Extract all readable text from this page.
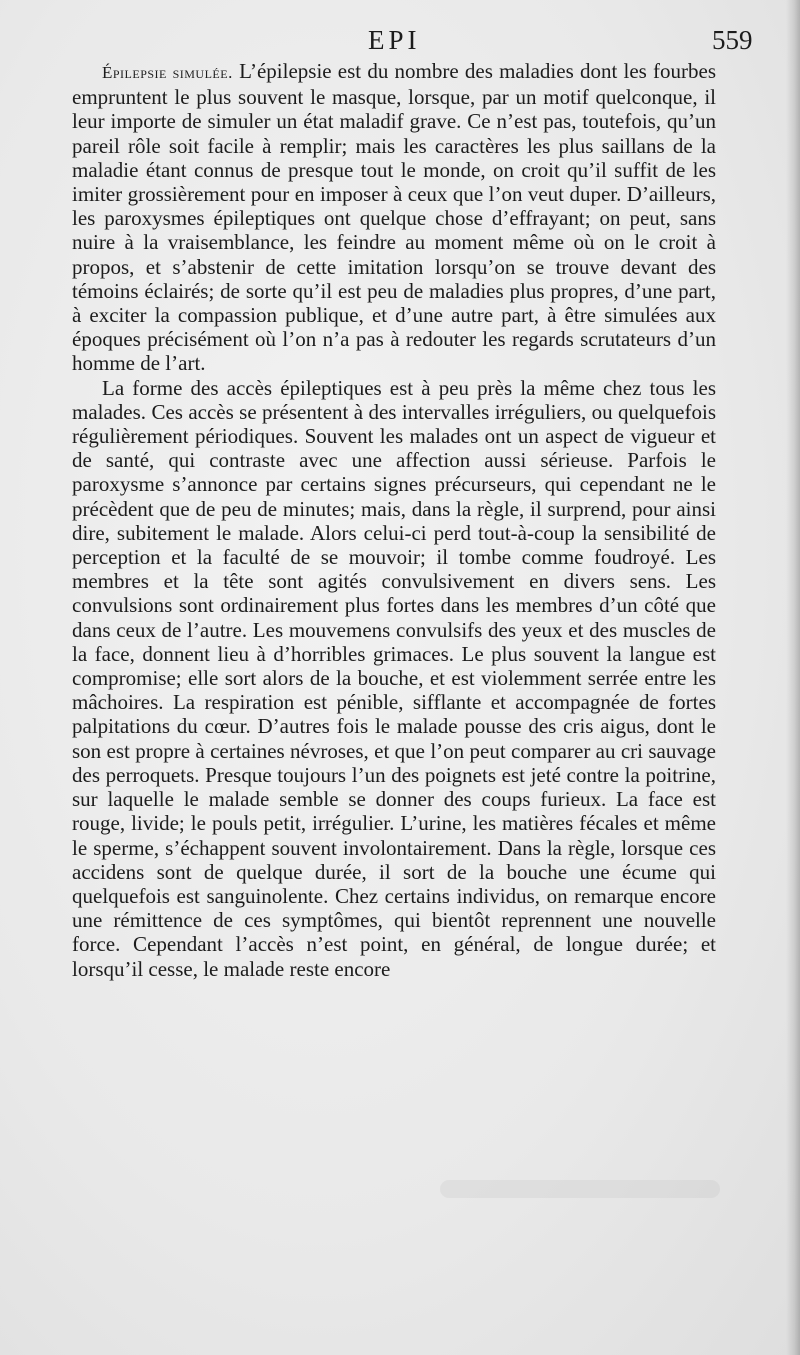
EPI	559

Épilepsie simulée. L’épilepsie est du nombre des maladies dont les fourbes empruntent le plus souvent le masque, lorsque, par un motif quelconque, il leur importe de simuler un état maladif grave. Ce n’est pas, toutefois, qu’un pareil rôle soit facile à remplir; mais les caractères les plus saillans de la maladie étant connus de presque tout le monde, on croit qu’il suffit de les imiter grossièrement pour en imposer à ceux que l’on veut duper. D’ailleurs, les paroxysmes épileptiques ont quelque chose d’effrayant; on peut, sans nuire à la vraisemblance, les feindre au moment même où on le croit à propos, et s’abstenir de cette imitation lorsqu’on se trouve devant des témoins éclairés; de sorte qu’il est peu de maladies plus propres, d’une part, à exciter la compassion publique, et d’une autre part, à être simulées aux époques précisément où l’on n’a pas à redouter les regards scrutateurs d’un homme de l’art.

La forme des accès épileptiques est à peu près la même chez tous les malades. Ces accès se présentent à des intervalles irréguliers, ou quelquefois régulièrement périodiques. Souvent les malades ont un aspect de vigueur et de santé, qui contraste avec une affection aussi sérieuse. Parfois le paroxysme s’annonce par certains signes précurseurs, qui cependant ne le précèdent que de peu de minutes; mais, dans la règle, il surprend, pour ainsi dire, subitement le malade. Alors celui-ci perd tout-à-coup la sensibilité de perception et la faculté de se mouvoir; il tombe comme foudroyé. Les membres et la tête sont agités convulsivement en divers sens. Les convulsions sont ordinairement plus fortes dans les membres d’un côté que dans ceux de l’autre. Les mouvemens convulsifs des yeux et des muscles de la face, donnent lieu à d’horribles grimaces. Le plus souvent la langue est compromise; elle sort alors de la bouche, et est violemment serrée entre les mâchoires. La respiration est pénible, sifflante et accompagnée de fortes palpitations du cœur. D’autres fois le malade pousse des cris aigus, dont le son est propre à certaines névroses, et que l’on peut comparer au cri sauvage des perroquets. Presque toujours l’un des poignets est jeté contre la poitrine, sur laquelle le malade semble se donner des coups furieux. La face est rouge, livide; le pouls petit, irrégulier. L’urine, les matières fécales et même le sperme, s’échappent souvent involontairement. Dans la règle, lorsque ces accidens sont de quelque durée, il sort de la bouche une écume qui quelquefois est sanguinolente. Chez certains individus, on remarque encore une rémittence de ces symptômes, qui bientôt reprennent une nouvelle force. Cependant l’accès n’est point, en général, de longue durée; et lorsqu’il cesse, le malade reste encore
